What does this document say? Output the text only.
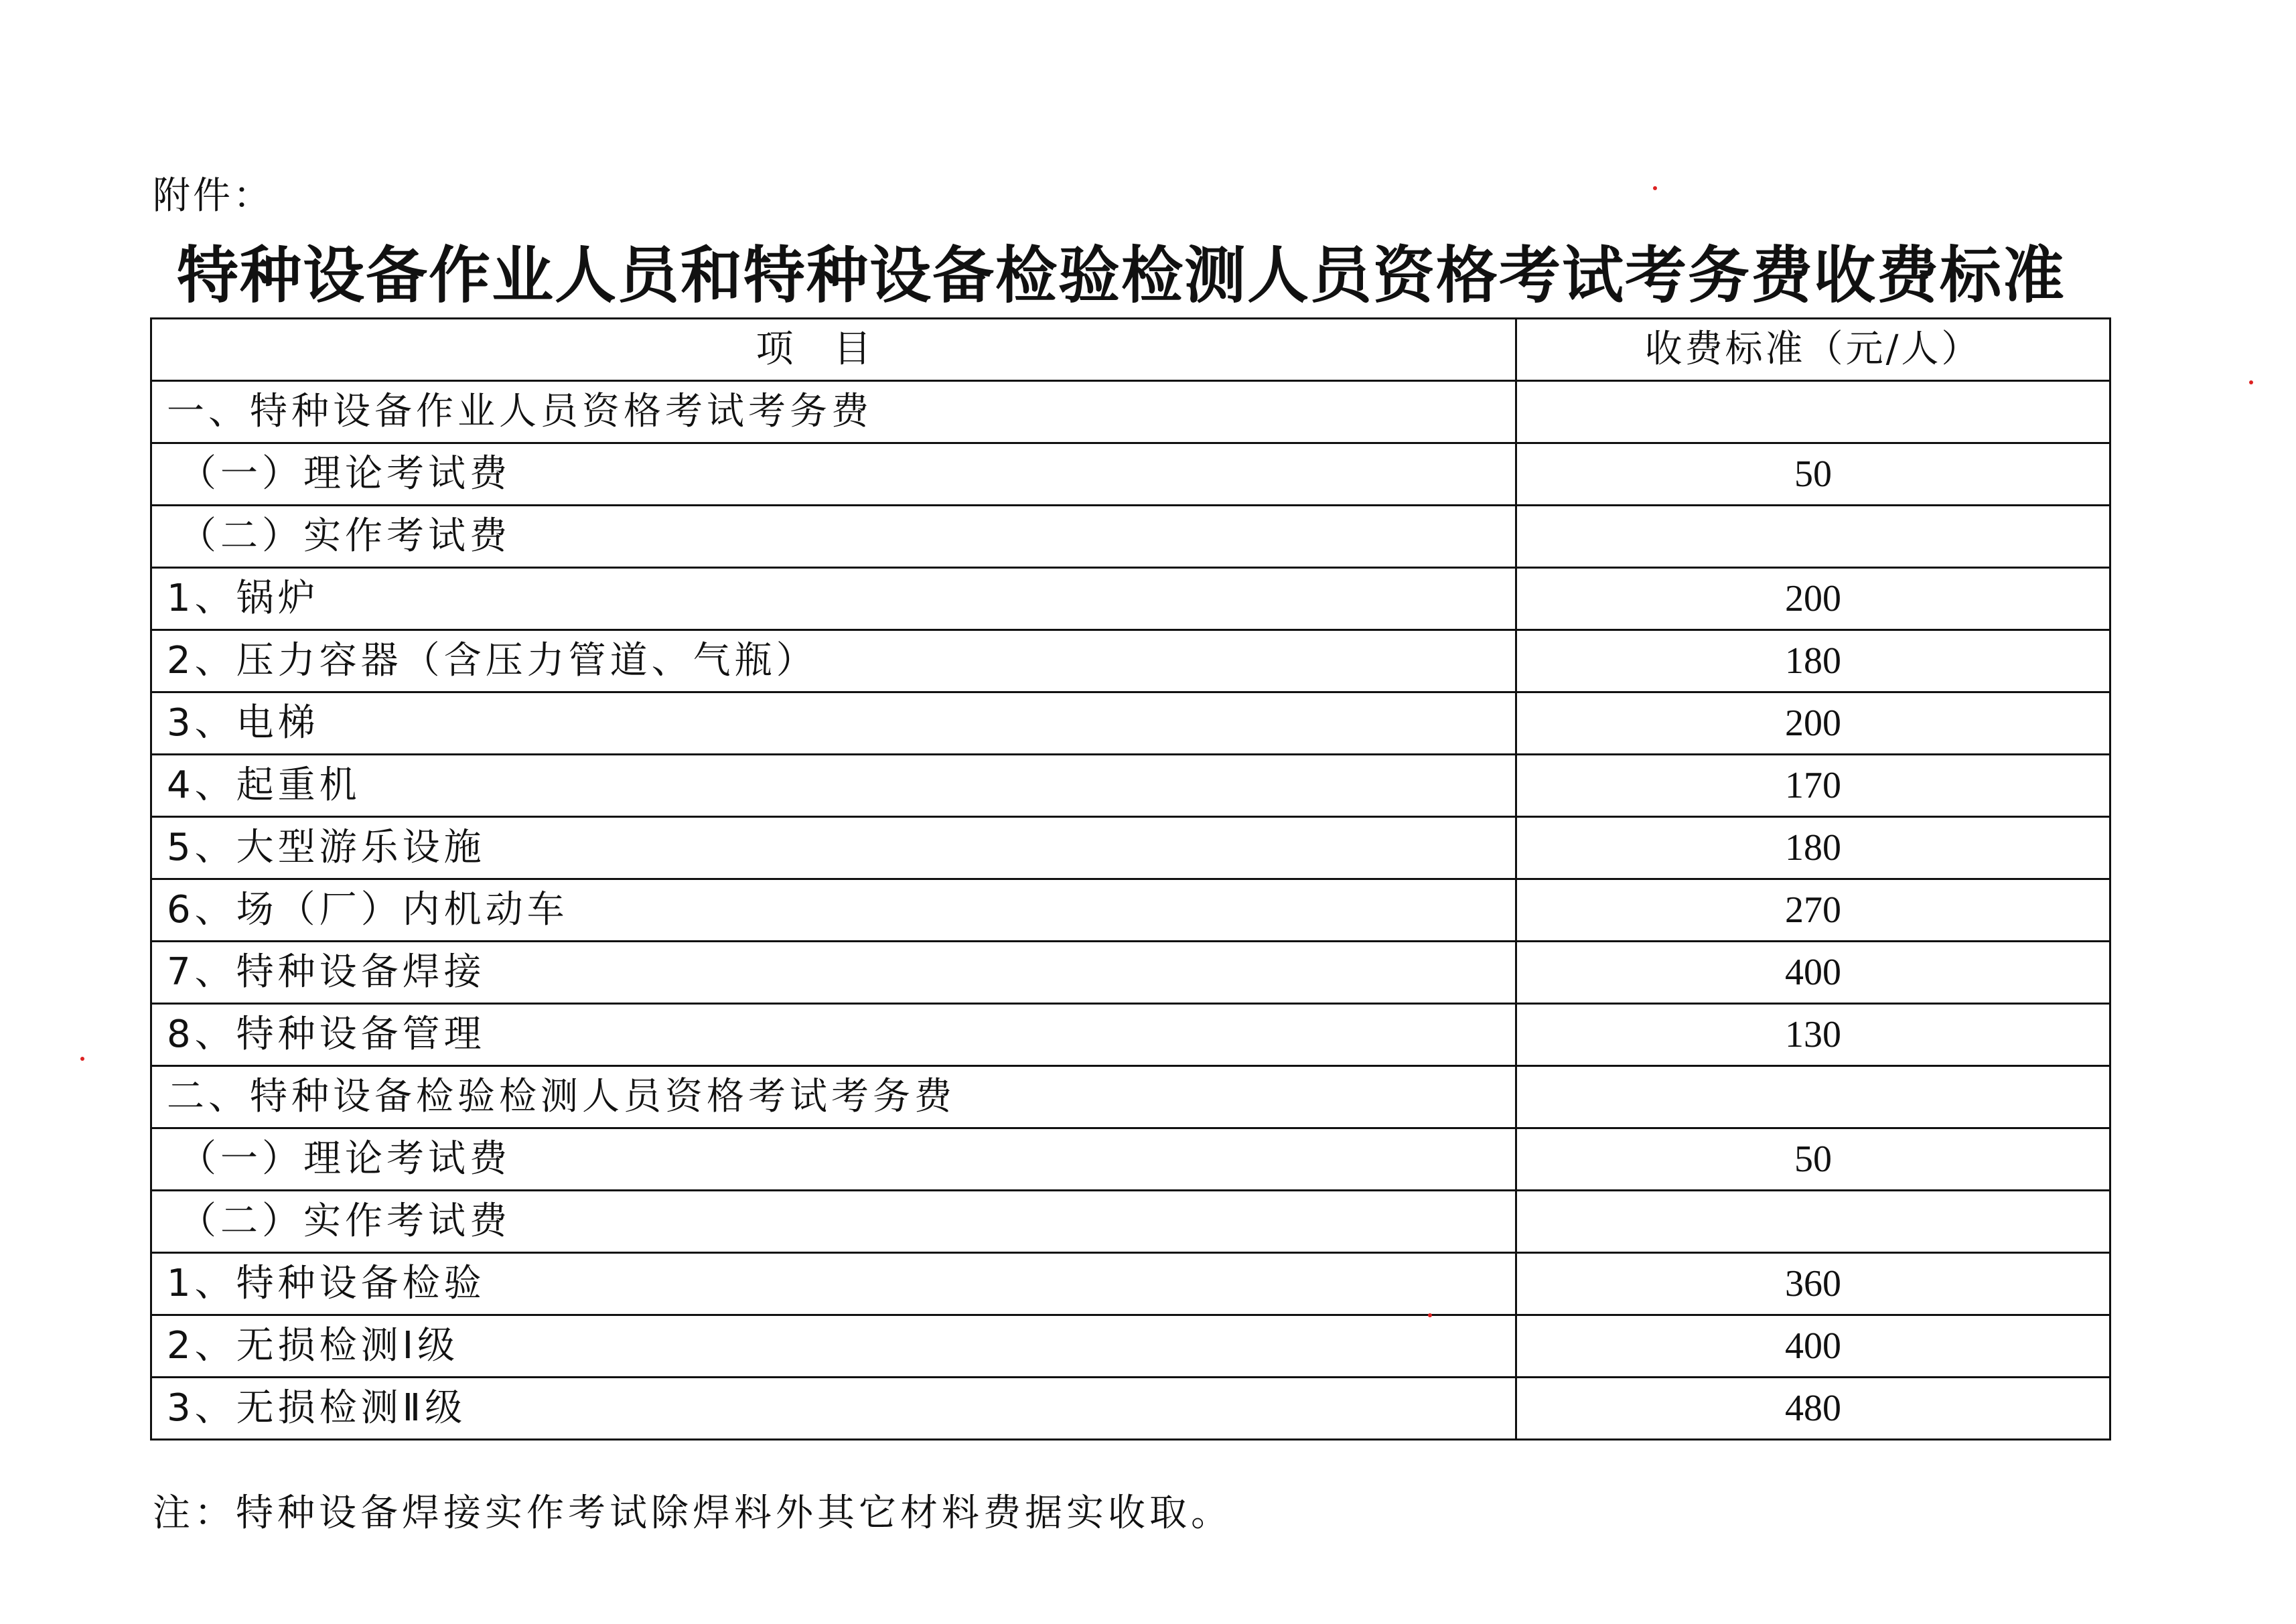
附件：
特种设备作业人员和特种设备检验检测人员资格考试考务费收费标准
项目	收费标准（元/人）
一、特种设备作业人员资格考试考务费	
（一）理论考试费	50
（二）实作考试费	
1、锅炉	200
2、压力容器（含压力管道、气瓶）	180
3、电梯	200
4、起重机	170
5、大型游乐设施	180
6、场（厂）内机动车	270
7、特种设备焊接	400
8、特种设备管理	130
二、特种设备检验检测人员资格考试考务费	
（一）理论考试费	50
（二）实作考试费	
1、特种设备检验	360
2、无损检测Ⅰ级	400
3、无损检测Ⅱ级	480
注：特种设备焊接实作考试除焊料外其它材料费据实收取。
